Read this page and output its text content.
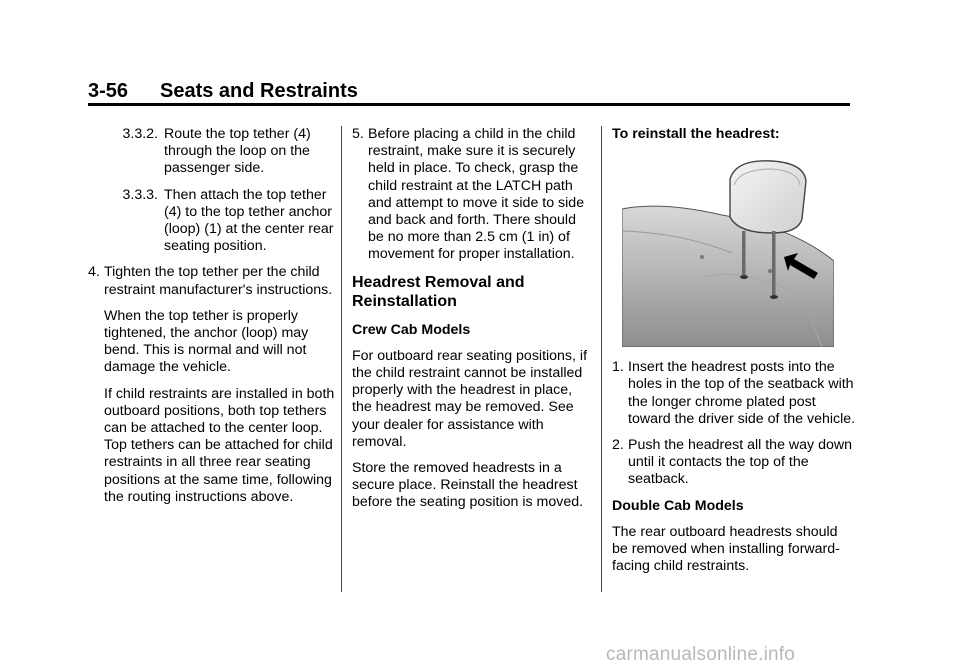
3-56 Seats and Restraints
3.3.2. Route the top tether (4) through the loop on the passenger side.
3.3.3. Then attach the top tether (4) to the top tether anchor (loop) (1) at the center rear seating position.
4. Tighten the top tether per the child restraint manufacturer's instructions.

When the top tether is properly tightened, the anchor (loop) may bend. This is normal and will not damage the vehicle.

If child restraints are installed in both outboard positions, both top tethers can be attached to the center loop. Top tethers can be attached for child restraints in all three rear seating positions at the same time, following the routing instructions above.

5. Before placing a child in the child restraint, make sure it is securely held in place. To check, grasp the child restraint at the LATCH path and attempt to move it side to side and back and forth. There should be no more than 2.5 cm (1 in) of movement for proper installation.
Headrest Removal and Reinstallation
Crew Cab Models

For outboard rear seating positions, if the child restraint cannot be installed properly with the headrest in place, the headrest may be removed. See your dealer for assistance with removal.

Store the removed headrests in a secure place. Reinstall the headrest before the seating position is moved.

To reinstall the headrest:
1. Insert the headrest posts into the holes in the top of the seatback with the longer chrome plated post toward the driver side of the vehicle.
2. Push the headrest all the way down until it contacts the top of the seatback.
Double Cab Models

The rear outboard headrests should be removed when installing forward-facing child restraints.

carmanualsonline.info
